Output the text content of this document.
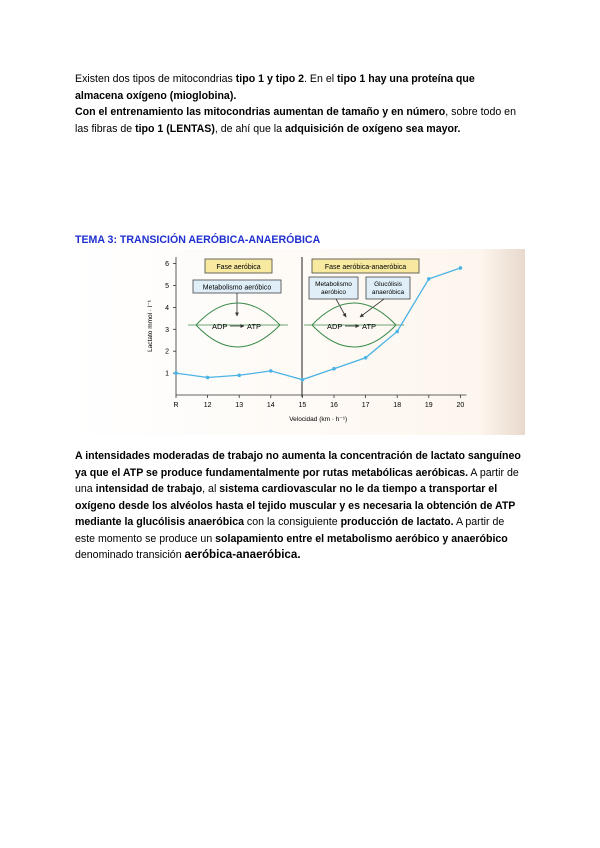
Existen dos tipos de mitocondrias tipo 1 y tipo 2. En el tipo 1 hay una proteína que almacena oxígeno (mioglobina).
Con el entrenamiento las mitocondrias aumentan de tamaño y en número, sobre todo en las fibras de tipo 1 (LENTAS), de ahí que la adquisición de oxígeno sea mayor.
TEMA 3: TRANSICIÓN AERÓBICA-ANAERÓBICA
1
2
3
4
5
6
R	12	13	14	15	16	17	18	19	20
Velocidad (km · h⁻¹)
Lactato mmol · l⁻¹
Fase aeróbica
Metabolismo aeróbico
ADP	ATP
Fase aeróbica-anaeróbica
Metabolismo
aeróbico
Glucólisis
anaeróbica
ADP	ATP
A intensidades moderadas de trabajo no aumenta la concentración de lactato sanguíneo ya que el ATP se produce fundamentalmente por rutas metabólicas aeróbicas. A partir de una intensidad de trabajo, al sistema cardiovascular no le da tiempo a transportar el oxígeno desde los alvéolos hasta el tejido muscular y es necesaria la obtención de ATP mediante la glucólisis anaeróbica con la consiguiente producción de lactato. A partir de este momento se produce un solapamiento entre el metabolismo aeróbico y anaeróbico denominado transición aeróbica-anaeróbica.
